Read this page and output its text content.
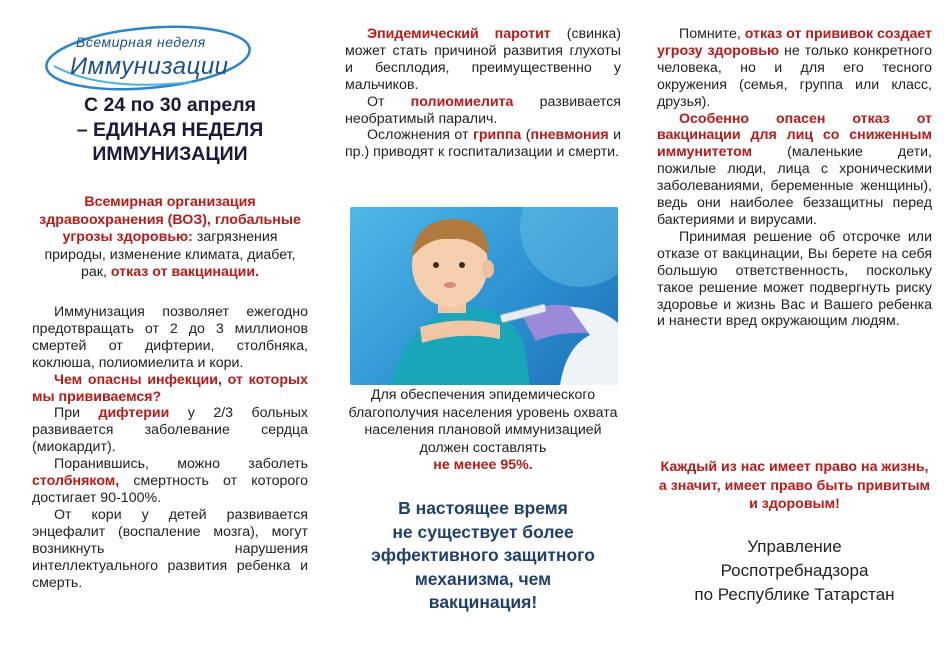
Всемирная неделя
Иммунизации
С 24 по 30 апреля
– ЕДИНАЯ НЕДЕЛЯ
ИММУНИЗАЦИИ
Всемирная организация здравоохранения (ВОЗ), глобальные угрозы здоровью: загрязнения природы, изменение климата, диабет, рак, отказ от вакцинации.

Иммунизация позволяет ежегодно предотвращать от 2 до 3 миллионов смертей от дифтерии, столбняка, коклюша, полиомиелита и кори.

Чем опасны инфекции, от которых мы прививаемся?

При дифтерии у 2/3 больных развивается заболевание сердца (миокардит).

Поранившись, можно заболеть столбняком, смертность от которого достигает 90-100%.

От кори у детей развивается энцефалит (воспаление мозга), могут возникнуть нарушения интеллектуального развития ребенка и смерть.

Эпидемический паротит (свинка) может стать причиной развития глухоты и бесплодия, преимущественно у мальчиков.

От полиомиелита развивается необратимый паралич.

Осложнения от гриппа (пневмония и пр.) приводят к госпитализации и смерти.

Для обеспечения эпидемического благополучия населения уровень охвата населения плановой иммунизацией должен составлять
не менее 95%.
В настоящее время
не существует более
эффективного защитного
механизма, чем
вакцинация!

Помните, отказ от прививок создает угрозу здоровью не только конкретного человека, но и для его тесного окружения (семья, группа или класс, друзья).

Особенно опасен отказ от вакцинации для лиц со сниженным иммунитетом (маленькие дети, пожилые люди, лица с хроническими заболеваниями, беременные женщины), ведь они наиболее беззащитны перед бактериями и вирусами.

Принимая решение об отсрочке или отказе от вакцинации, Вы берете на себя большую ответственность, поскольку такое решение может подвергнуть риску здоровье и жизнь Вас и Вашего ребенка и нанести вред окружающим людям.

Каждый из нас имеет право на жизнь, а значит, имеет право быть привитым и здоровым!
Управление
Роспотребнадзора
по Республике Татарстан
